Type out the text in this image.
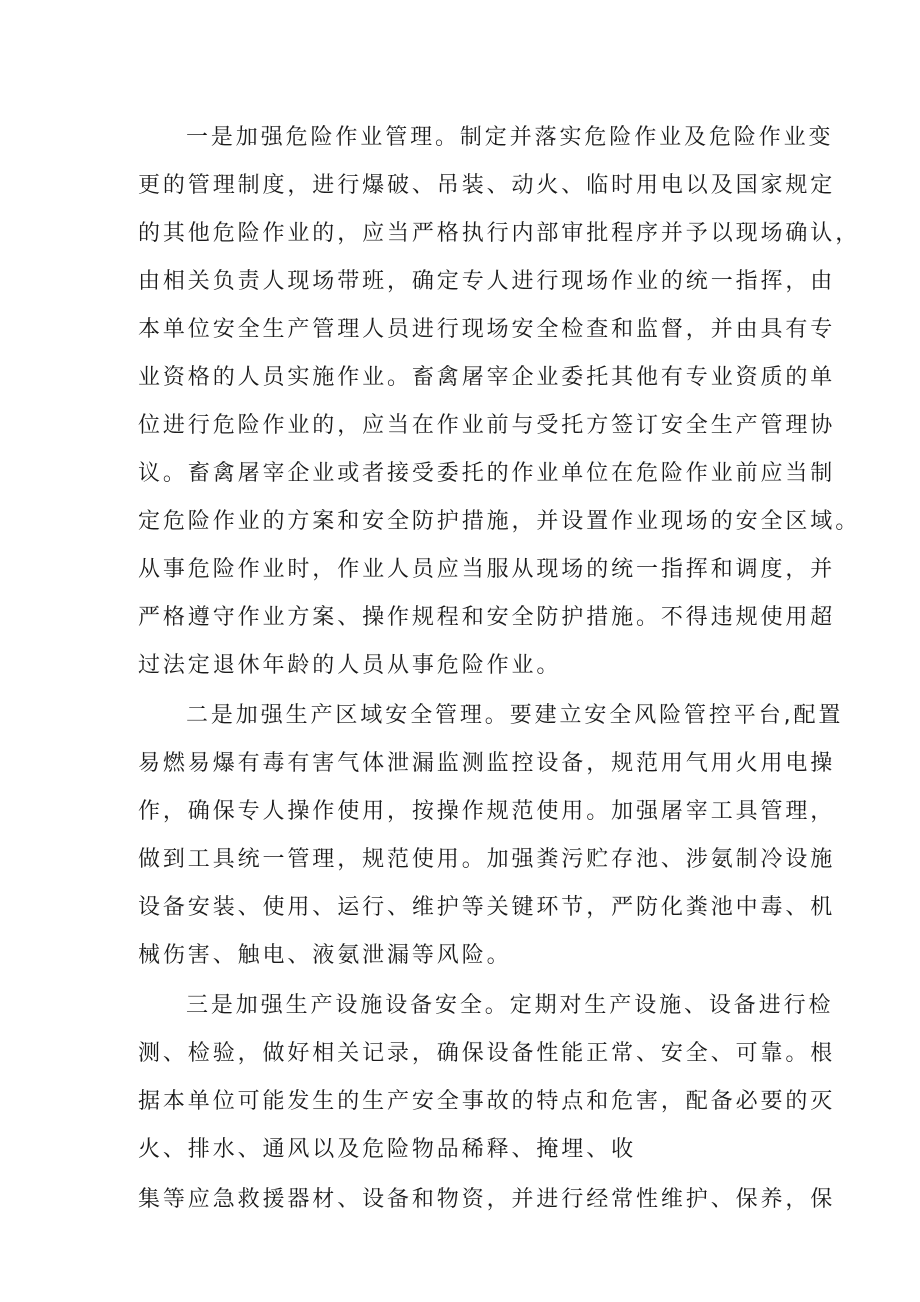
一是加强危险作业管理。制定并落实危险作业及危险作业变
更的管理制度，进行爆破、吊装、动火、临时用电以及国家规定
的其他危险作业的，应当严格执行内部审批程序并予以现场确认，
由相关负责人现场带班，确定专人进行现场作业的统一指挥，由
本单位安全生产管理人员进行现场安全检查和监督，并由具有专
业资格的人员实施作业。畜禽屠宰企业委托其他有专业资质的单
位进行危险作业的，应当在作业前与受托方签订安全生产管理协
议。畜禽屠宰企业或者接受委托的作业单位在危险作业前应当制
定危险作业的方案和安全防护措施，并设置作业现场的安全区域。
从事危险作业时，作业人员应当服从现场的统一指挥和调度，并
严格遵守作业方案、操作规程和安全防护措施。不得违规使用超
过法定退休年龄的人员从事危险作业。
二是加强生产区域安全管理。要建立安全风险管控平台,配置
易燃易爆有毒有害气体泄漏监测监控设备，规范用气用火用电操
作，确保专人操作使用，按操作规范使用。加强屠宰工具管理，
做到工具统一管理，规范使用。加强粪污贮存池、涉氨制冷设施
设备安装、使用、运行、维护等关键环节，严防化粪池中毒、机
械伤害、触电、液氨泄漏等风险。
三是加强生产设施设备安全。定期对生产设施、设备进行检
测、检验，做好相关记录，确保设备性能正常、安全、可靠。根
据本单位可能发生的生产安全事故的特点和危害，配备必要的灭
火、排水、通风以及危险物品稀释、掩埋、收
集等应急救援器材、设备和物资，并进行经常性维护、保养，保
